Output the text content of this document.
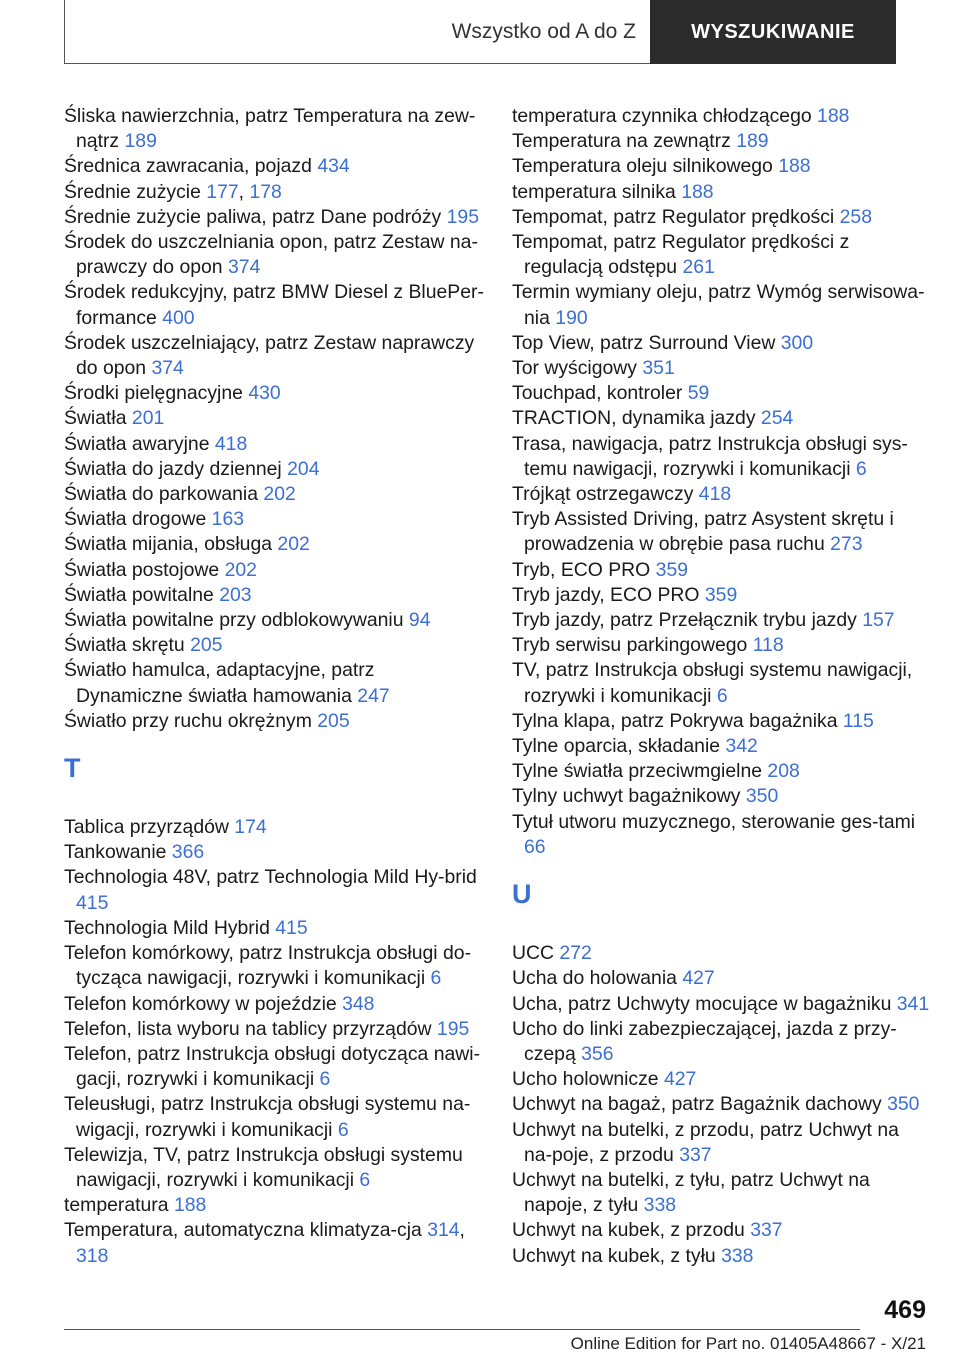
Wszystko od A do Z	WYSZUKIWANIE
Śliska nawierzchnia, patrz Temperatura na zew‐nątrz 189
Średnica zawracania, pojazd 434
Średnie zużycie 177, 178
Średnie zużycie paliwa, patrz Dane podróży 195
Środek do uszczelniania opon, patrz Zestaw na‐prawczy do opon 374
Środek redukcyjny, patrz BMW Diesel z BluePer‐formance 400
Środek uszczelniający, patrz Zestaw naprawczy do opon 374
Środki pielęgnacyjne 430
Światła 201
Światła awaryjne 418
Światła do jazdy dziennej 204
Światła do parkowania 202
Światła drogowe 163
Światła mijania, obsługa 202
Światła postojowe 202
Światła powitalne 203
Światła powitalne przy odblokowywaniu 94
Światła skrętu 205
Światło hamulca, adaptacyjne, patrz Dynamiczne światła hamowania 247
Światło przy ruchu okrężnym 205
T
Tablica przyrządów 174
Tankowanie 366
Technologia 48V, patrz Technologia Mild Hy‐brid 415
Technologia Mild Hybrid 415
Telefon komórkowy, patrz Instrukcja obsługi do‐tycząca nawigacji, rozrywki i komunikacji 6
Telefon komórkowy w pojeździe 348
Telefon, lista wyboru na tablicy przyrządów 195
Telefon, patrz Instrukcja obsługi dotycząca nawi‐gacji, rozrywki i komunikacji 6
Teleusługi, patrz Instrukcja obsługi systemu na‐wigacji, rozrywki i komunikacji 6
Telewizja, TV, patrz Instrukcja obsługi systemu nawigacji, rozrywki i komunikacji 6
temperatura 188
Temperatura, automatyczna klimatyza‐cja 314, 318
temperatura czynnika chłodzącego 188
Temperatura na zewnątrz 189
Temperatura oleju silnikowego 188
temperatura silnika 188
Tempomat, patrz Regulator prędkości 258
Tempomat, patrz Regulator prędkości z regulacją odstępu 261
Termin wymiany oleju, patrz Wymóg serwisowa‐nia 190
Top View, patrz Surround View 300
Tor wyścigowy 351
Touchpad, kontroler 59
TRACTION, dynamika jazdy 254
Trasa, nawigacja, patrz Instrukcja obsługi sys‐temu nawigacji, rozrywki i komunikacji 6
Trójkąt ostrzegawczy 418
Tryb Assisted Driving, patrz Asystent skrętu i prowadzenia w obrębie pasa ruchu 273
Tryb, ECO PRO 359
Tryb jazdy, ECO PRO 359
Tryb jazdy, patrz Przełącznik trybu jazdy 157
Tryb serwisu parkingowego 118
TV, patrz Instrukcja obsługi systemu nawigacji, rozrywki i komunikacji 6
Tylna klapa, patrz Pokrywa bagażnika 115
Tylne oparcia, składanie 342
Tylne światła przeciwmgielne 208
Tylny uchwyt bagażnikowy 350
Tytuł utworu muzycznego, sterowanie ges‐tami 66
U
UCC 272
Ucha do holowania 427
Ucha, patrz Uchwyty mocujące w bagażniku 341
Ucho do linki zabezpieczającej, jazda z przy‐czepą 356
Ucho holownicze 427
Uchwyt na bagaż, patrz Bagażnik dachowy 350
Uchwyt na butelki, z przodu, patrz Uchwyt na na‐poje, z przodu 337
Uchwyt na butelki, z tyłu, patrz Uchwyt na napoje, z tyłu 338
Uchwyt na kubek, z przodu 337
Uchwyt na kubek, z tyłu 338
469
Online Edition for Part no. 01405A48667 - X/21
